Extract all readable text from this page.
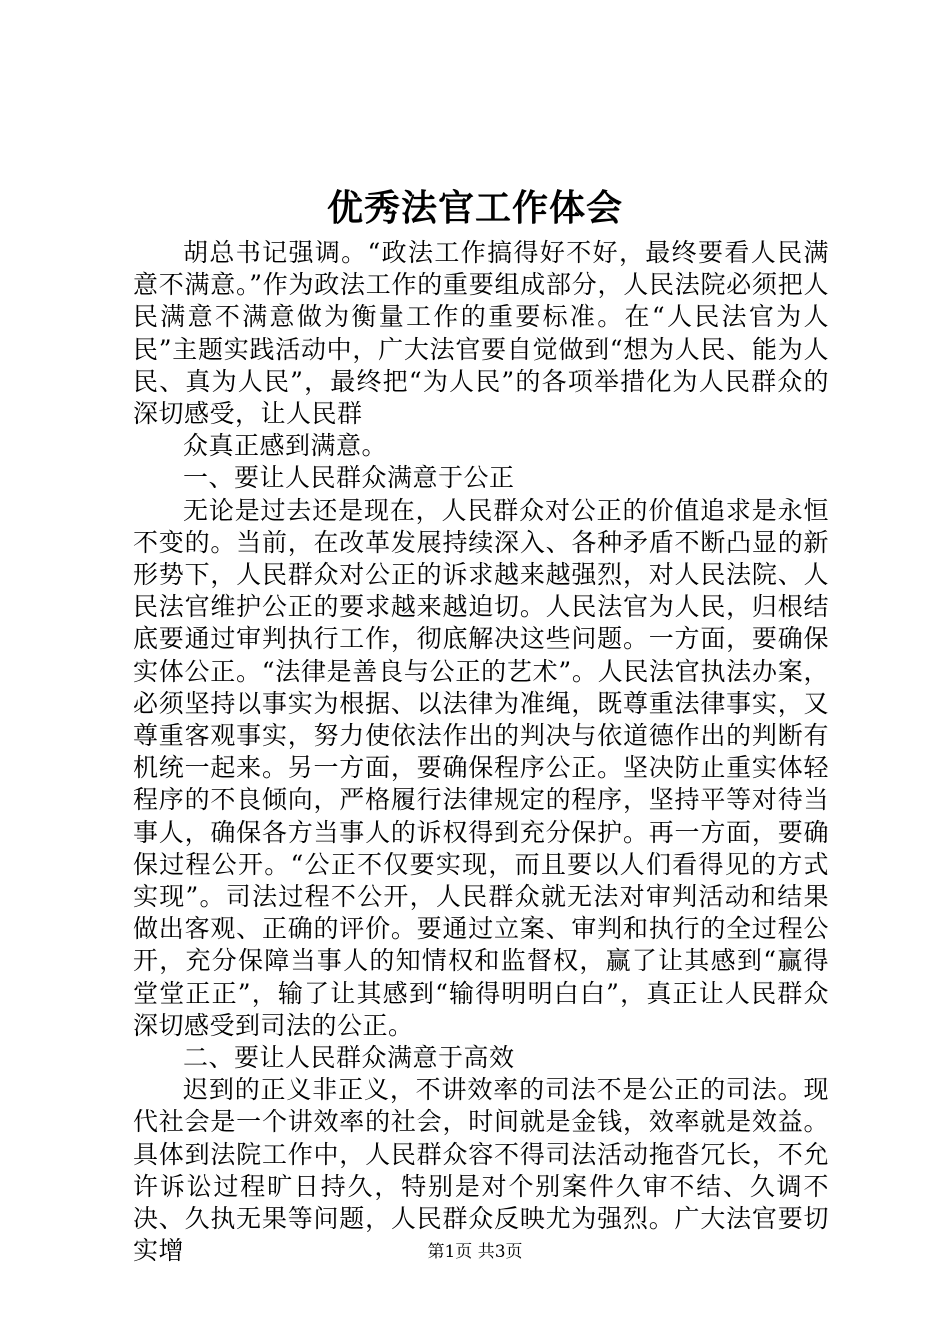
优秀法官工作体会

胡总书记强调。“政法工作搞得好不好，最终要看人民满意不满意。”作为政法工作的重要组成部分，人民法院必须把人民满意不满意做为衡量工作的重要标准。在“人民法官为人民”主题实践活动中，广大法官要自觉做到“想为人民、能为人民、真为人民”，最终把“为人民”的各项举措化为人民群众的深切感受，让人民群

众真正感到满意。

一、要让人民群众满意于公正

无论是过去还是现在，人民群众对公正的价值追求是永恒不变的。当前，在改革发展持续深入、各种矛盾不断凸显的新形势下，人民群众对公正的诉求越来越强烈，对人民法院、人民法官维护公正的要求越来越迫切。人民法官为人民，归根结底要通过审判执行工作，彻底解决这些问题。一方面，要确保实体公正。“法律是善良与公正的艺术”。人民法官执法办案，必须坚持以事实为根据、以法律为准绳，既尊重法律事实，又尊重客观事实，努力使依法作出的判决与依道德作出的判断有机统一起来。另一方面，要确保程序公正。坚决防止重实体轻程序的不良倾向，严格履行法律规定的程序，坚持平等对待当事人，确保各方当事人的诉权得到充分保护。再一方面，要确保过程公开。“公正不仅要实现，而且要以人们看得见的方式实现”。司法过程不公开，人民群众就无法对审判活动和结果做出客观、正确的评价。要通过立案、审判和执行的全过程公开，充分保障当事人的知情权和监督权，赢了让其感到“赢得堂堂正正”，输了让其感到“输得明明白白”，真正让人民群众深切感受到司法的公正。

二、要让人民群众满意于高效

迟到的正义非正义，不讲效率的司法不是公正的司法。现代社会是一个讲效率的社会，时间就是金钱，效率就是效益。具体到法院工作中，人民群众容不得司法活动拖沓冗长，不允许诉讼过程旷日持久，特别是对个别案件久审不结、久调不决、久执无果等问题，人民群众反映尤为强烈。广大法官要切实增	第1页 共3页
